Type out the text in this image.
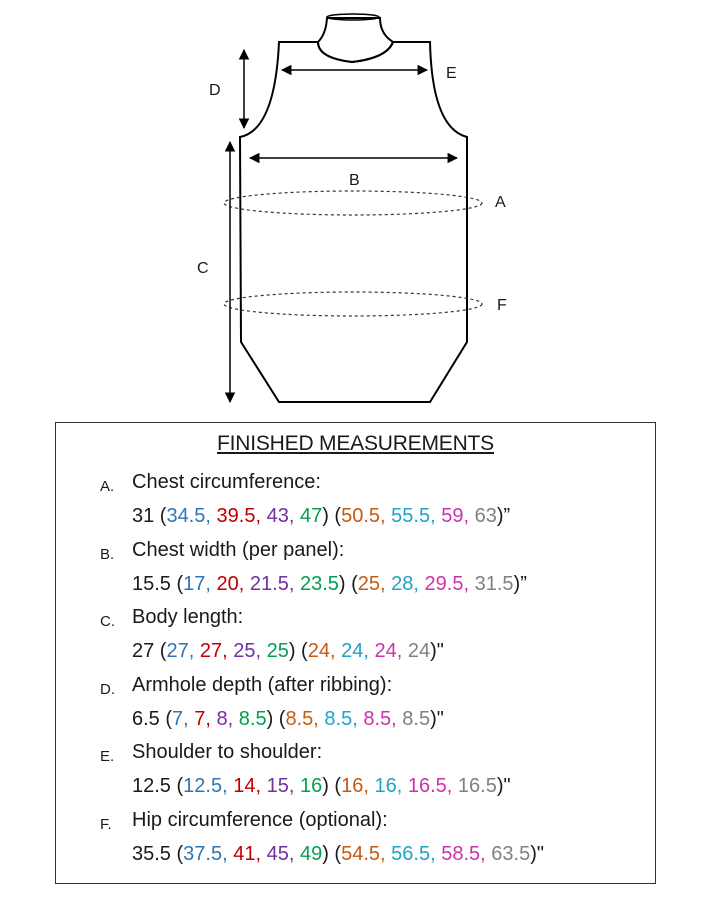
D
E
B
A
C
F
FINISHED MEASUREMENTS
A. Chest circumference:
31 (34.5, 39.5, 43, 47) (50.5, 55.5, 59, 63)”
B. Chest width (per panel):
15.5 (17, 20, 21.5, 23.5) (25, 28, 29.5, 31.5)”
C. Body length:
27 (27, 27, 25, 25) (24, 24, 24, 24)"
D. Armhole depth (after ribbing):
6.5 (7, 7, 8, 8.5) (8.5, 8.5, 8.5, 8.5)"
E. Shoulder to shoulder:
12.5 (12.5, 14, 15, 16) (16, 16, 16.5, 16.5)"
F. Hip circumference (optional):
35.5 (37.5, 41, 45, 49) (54.5, 56.5, 58.5, 63.5)"
